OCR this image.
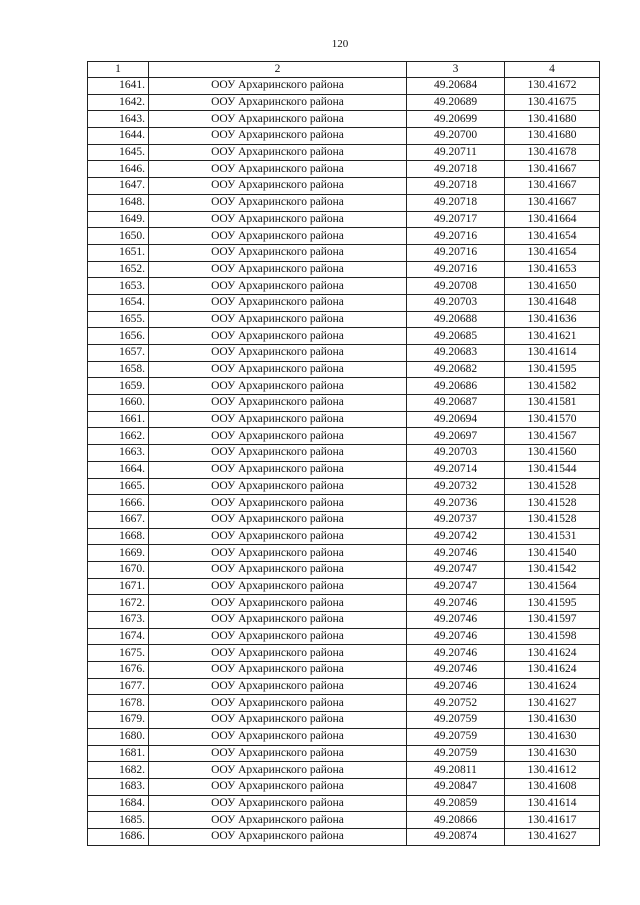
120
1	2	3	4
1641.	ООУ Архаринского района	49.20684	130.41672
1642.	ООУ Архаринского района	49.20689	130.41675
1643.	ООУ Архаринского района	49.20699	130.41680
1644.	ООУ Архаринского района	49.20700	130.41680
1645.	ООУ Архаринского района	49.20711	130.41678
1646.	ООУ Архаринского района	49.20718	130.41667
1647.	ООУ Архаринского района	49.20718	130.41667
1648.	ООУ Архаринского района	49.20718	130.41667
1649.	ООУ Архаринского района	49.20717	130.41664
1650.	ООУ Архаринского района	49.20716	130.41654
1651.	ООУ Архаринского района	49.20716	130.41654
1652.	ООУ Архаринского района	49.20716	130.41653
1653.	ООУ Архаринского района	49.20708	130.41650
1654.	ООУ Архаринского района	49.20703	130.41648
1655.	ООУ Архаринского района	49.20688	130.41636
1656.	ООУ Архаринского района	49.20685	130.41621
1657.	ООУ Архаринского района	49.20683	130.41614
1658.	ООУ Архаринского района	49.20682	130.41595
1659.	ООУ Архаринского района	49.20686	130.41582
1660.	ООУ Архаринского района	49.20687	130.41581
1661.	ООУ Архаринского района	49.20694	130.41570
1662.	ООУ Архаринского района	49.20697	130.41567
1663.	ООУ Архаринского района	49.20703	130.41560
1664.	ООУ Архаринского района	49.20714	130.41544
1665.	ООУ Архаринского района	49.20732	130.41528
1666.	ООУ Архаринского района	49.20736	130.41528
1667.	ООУ Архаринского района	49.20737	130.41528
1668.	ООУ Архаринского района	49.20742	130.41531
1669.	ООУ Архаринского района	49.20746	130.41540
1670.	ООУ Архаринского района	49.20747	130.41542
1671.	ООУ Архаринского района	49.20747	130.41564
1672.	ООУ Архаринского района	49.20746	130.41595
1673.	ООУ Архаринского района	49.20746	130.41597
1674.	ООУ Архаринского района	49.20746	130.41598
1675.	ООУ Архаринского района	49.20746	130.41624
1676.	ООУ Архаринского района	49.20746	130.41624
1677.	ООУ Архаринского района	49.20746	130.41624
1678.	ООУ Архаринского района	49.20752	130.41627
1679.	ООУ Архаринского района	49.20759	130.41630
1680.	ООУ Архаринского района	49.20759	130.41630
1681.	ООУ Архаринского района	49.20759	130.41630
1682.	ООУ Архаринского района	49.20811	130.41612
1683.	ООУ Архаринского района	49.20847	130.41608
1684.	ООУ Архаринского района	49.20859	130.41614
1685.	ООУ Архаринского района	49.20866	130.41617
1686.	ООУ Архаринского района	49.20874	130.41627
